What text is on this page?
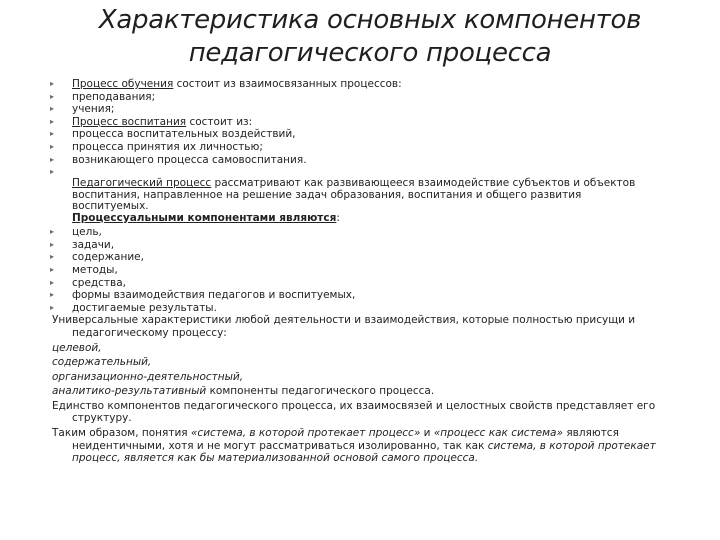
Характеристика основных компонентов
педагогического процесса
▸	Процесс обучения состоит из взаимосвязанных процессов:
▸	преподавания;
▸	учения;
▸	Процесс воспитания состоит из:
▸	процесса воспитательных воздействий,
▸	процесса принятия их личностью;
▸	возникающего процесса самовоспитания.
▸
Педагогический процесс рассматривают как развивающееся взаимодействие субъектов и объектов воспитания, направленное на решение задач образования, воспитания и общего развития воспитуемых.
Процессуальными компонентами являются:
▸	цель,
▸	задачи,
▸	содержание,
▸	методы,
▸	средства,
▸	формы взаимодействия педагогов и воспитуемых,
▸	достигаемые результаты.
Универсальные характеристики любой деятельности и взаимодействия, которые полностью присущи и педагогическому процессу:
целевой,
содержательный,
организационно-деятельностный,
аналитико-результативный компоненты педагогического процесса.
Единство компонентов педагогического процесса, их взаимосвязей и целостных свойств представляет его структуру.
Таким образом, понятия «система, в которой протекает процесс» и «процесс как система» являются неидентичными, хотя и не могут рассматриваться изолированно, так как система, в которой протекает процесс, является как бы материализованной основой самого процесса.
